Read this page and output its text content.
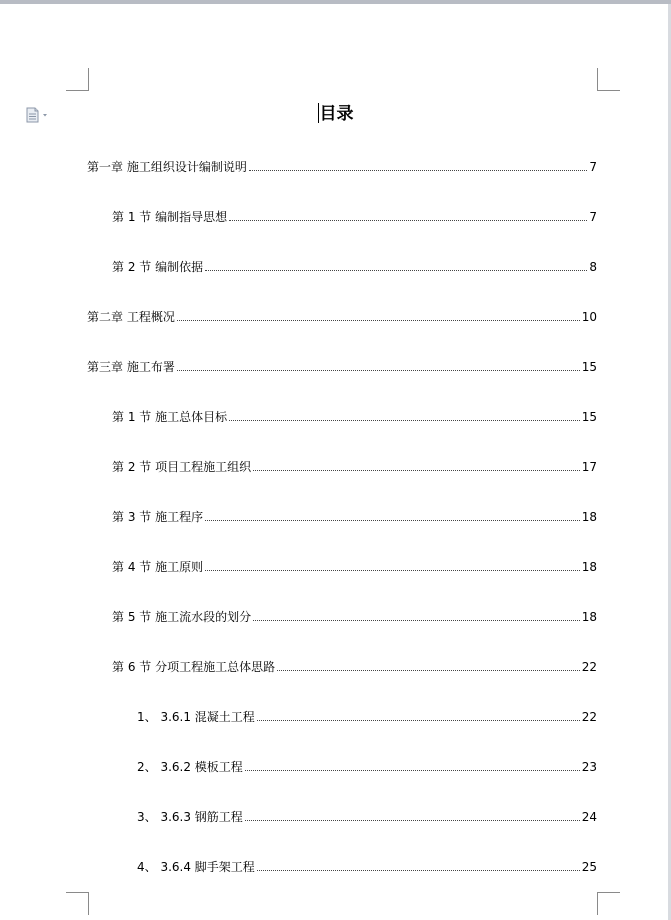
目录
第一章 施工组织设计编制说明	7
第 1 节 编制指导思想	7
第 2 节 编制依据	8
第二章 工程概况	10
第三章 施工布署	15
第 1 节 施工总体目标	15
第 2 节 项目工程施工组织	17
第 3 节 施工程序	18
第 4 节 施工原则	18
第 5 节 施工流水段的划分	18
第 6 节 分项工程施工总体思路	22
1、 3.6.1 混凝土工程	22
2、 3.6.2 模板工程	23
3、 3.6.3 钢筋工程	24
4、 3.6.4 脚手架工程	25
